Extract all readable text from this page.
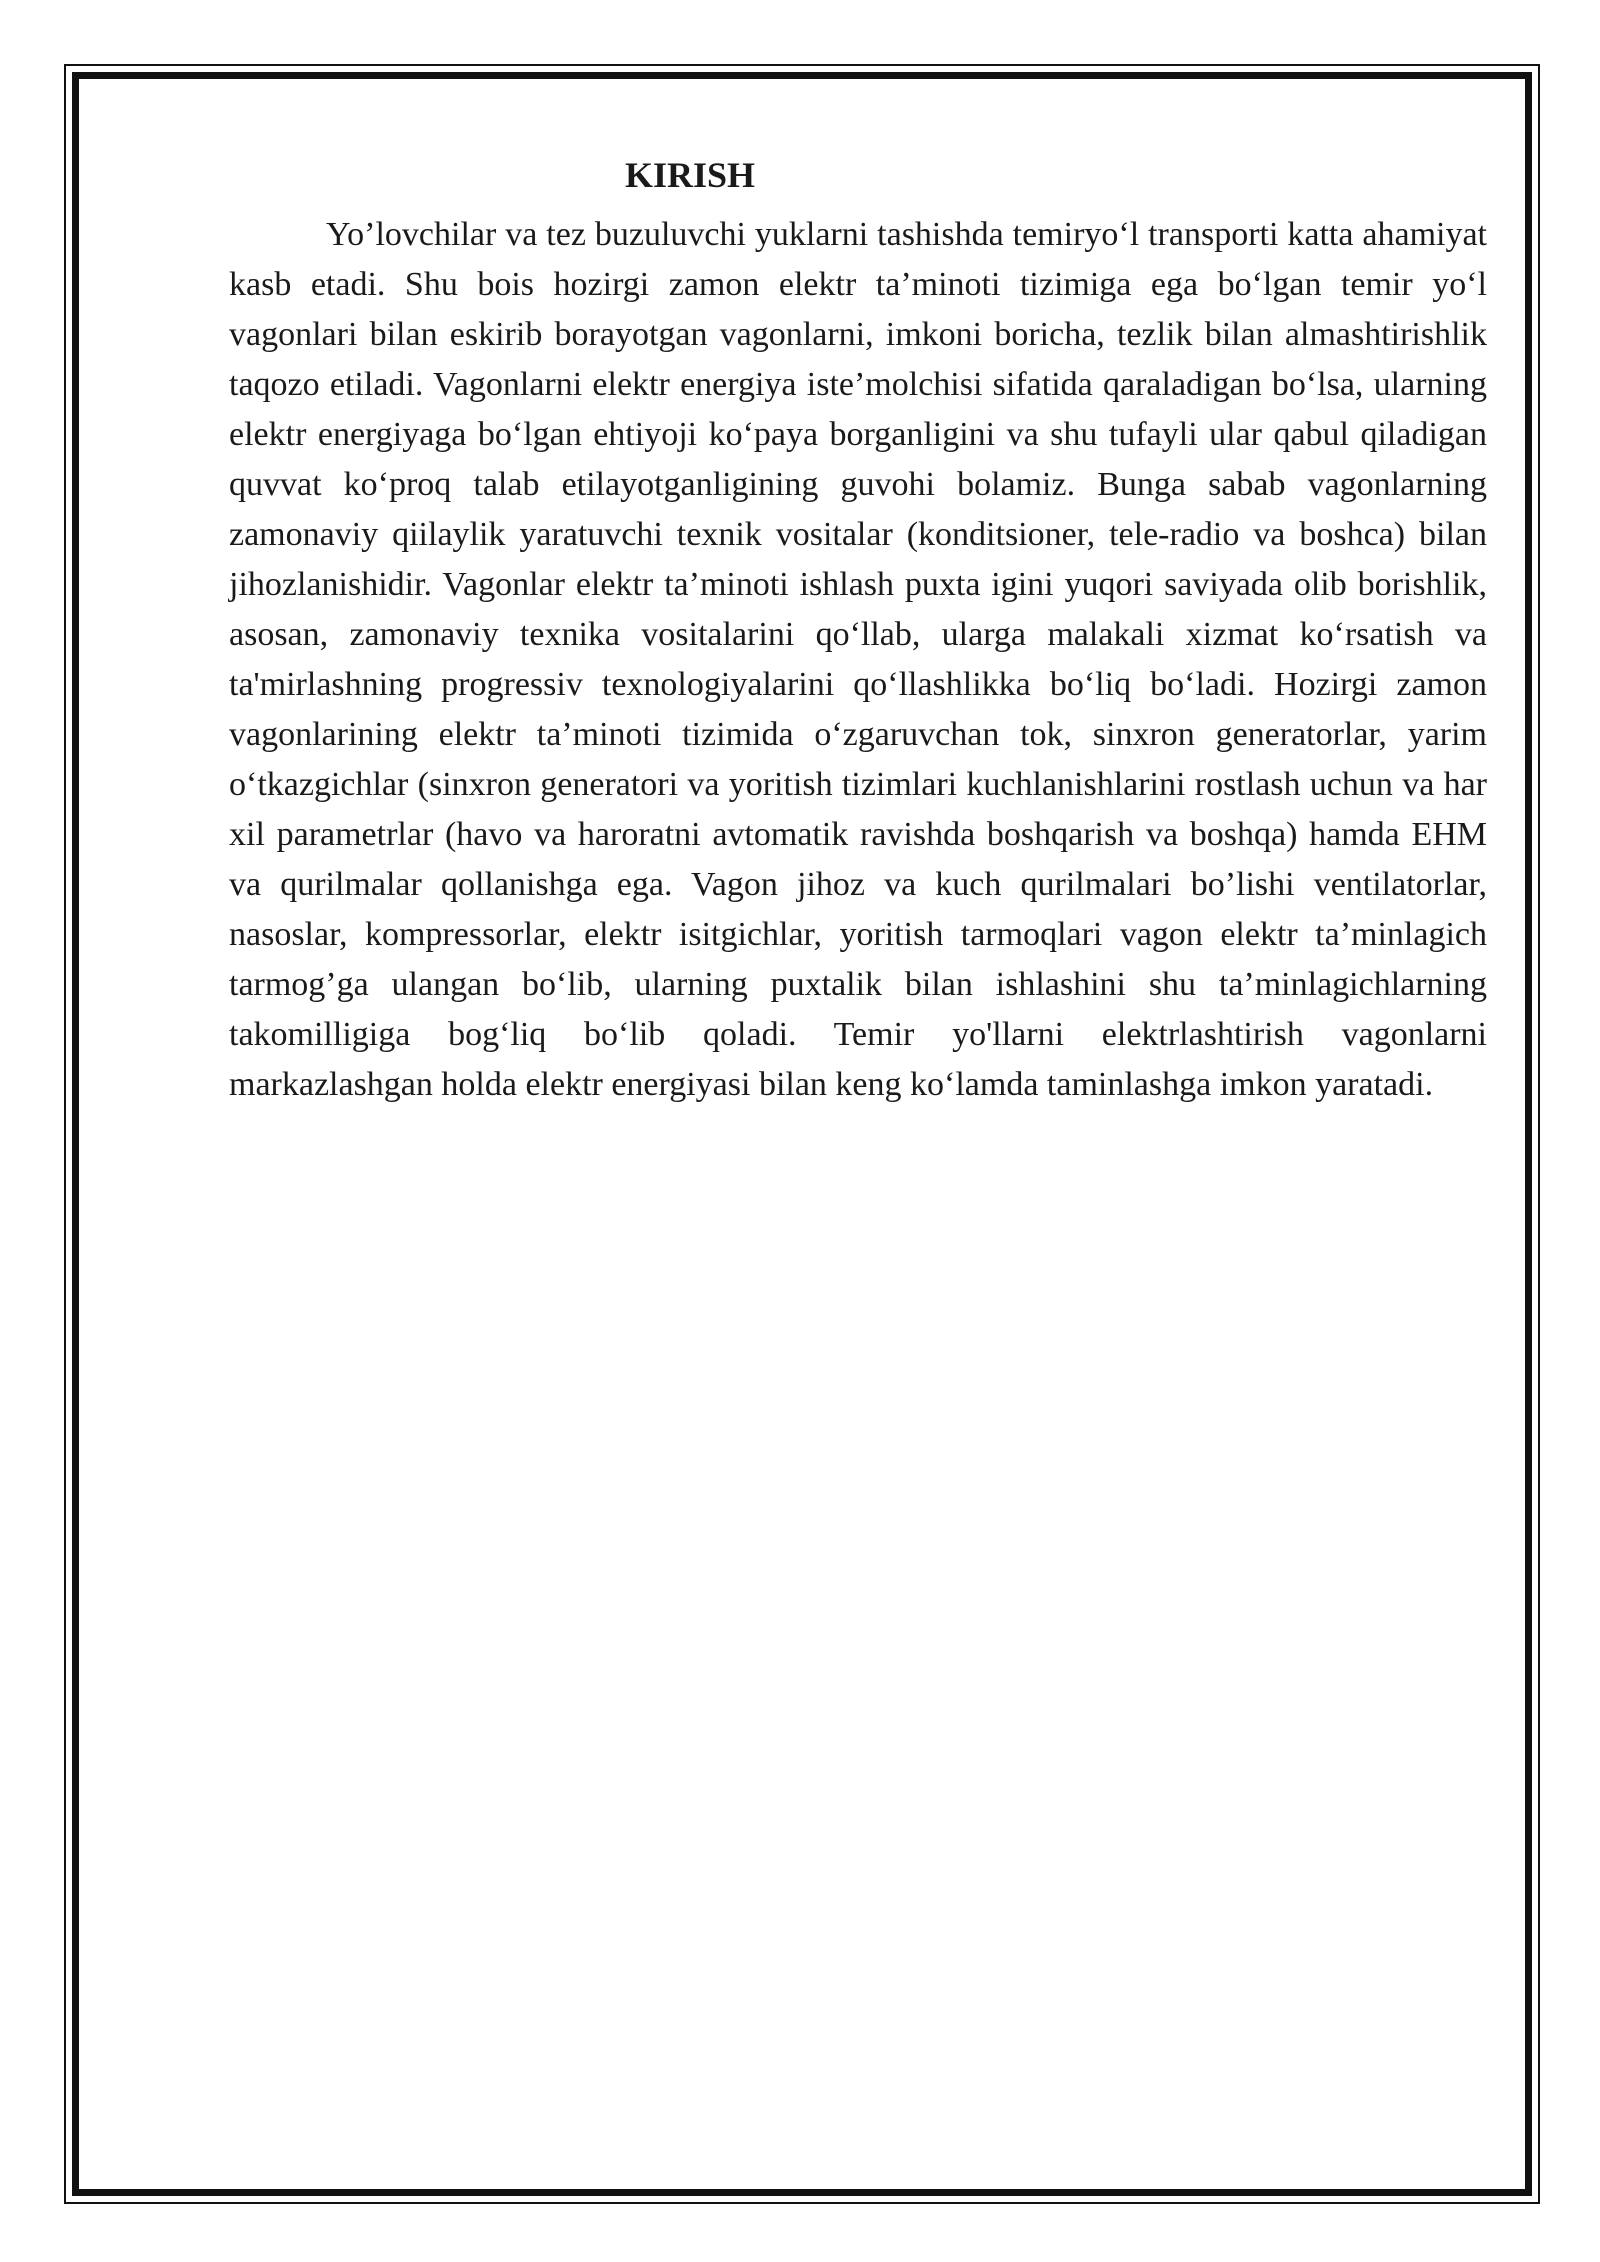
KIRISH

Yo’lovchilar va tez buzuluvchi yuklarni tashishda temiryo‘l transporti katta ahamiyat kasb etadi. Shu bois hozirgi zamon elektr ta’minoti tizimiga ega bo‘lgan temir yo‘l vagonlari bilan eskirib borayotgan vagonlarni, imkoni boricha, tezlik bilan almashtirishlik taqozo etiladi. Vagonlarni elektr energiya iste’molchisi sifatida qaraladigan bo‘lsa, ularning elektr energiyaga bo‘lgan ehtiyoji ko‘paya borganligini va shu tufayli ular qabul qiladigan quvvat ko‘proq talab etilayotganligining guvohi bolamiz. Bunga sabab vagonlarning zamonaviy qiilaylik yaratuvchi texnik vositalar (konditsioner, tele-radio va boshca) bilan jihozlanishidir. Vagonlar elektr ta’minoti ishlash puxta igini yuqori saviyada olib borishlik, asosan, zamonaviy texnika vositalarini qo‘llab, ularga malakali xizmat ko‘rsatish va ta'mirlashning progressiv texnologiyalarini qo‘llashlikka bo‘liq bo‘ladi. Hozirgi zamon vagonlarining elektr ta’minoti tizimida o‘zgaruvchan tok, sinxron generatorlar, yarim o‘tkazgichlar (sinxron generatori va yoritish tizimlari kuchlanishlarini rostlash uchun va har xil parametrlar (havo va haroratni avtomatik ravishda boshqarish va boshqa) hamda EHM va qurilmalar qollanishga ega. Vagon jihoz va kuch qurilmalari bo’lishi ventilatorlar, nasoslar, kompressorlar, elektr isitgichlar, yoritish tarmoqlari vagon elektr ta’minlagich tarmog’ga ulangan bo‘lib, ularning puxtalik bilan ishlashini shu ta’minlagichlarning takomilligiga bog‘liq bo‘lib qoladi. Temir yo'llarni elektrlashtirish vagonlarni markazlashgan holda elektr energiyasi bilan keng ko‘lamda taminlashga imkon yaratadi.
